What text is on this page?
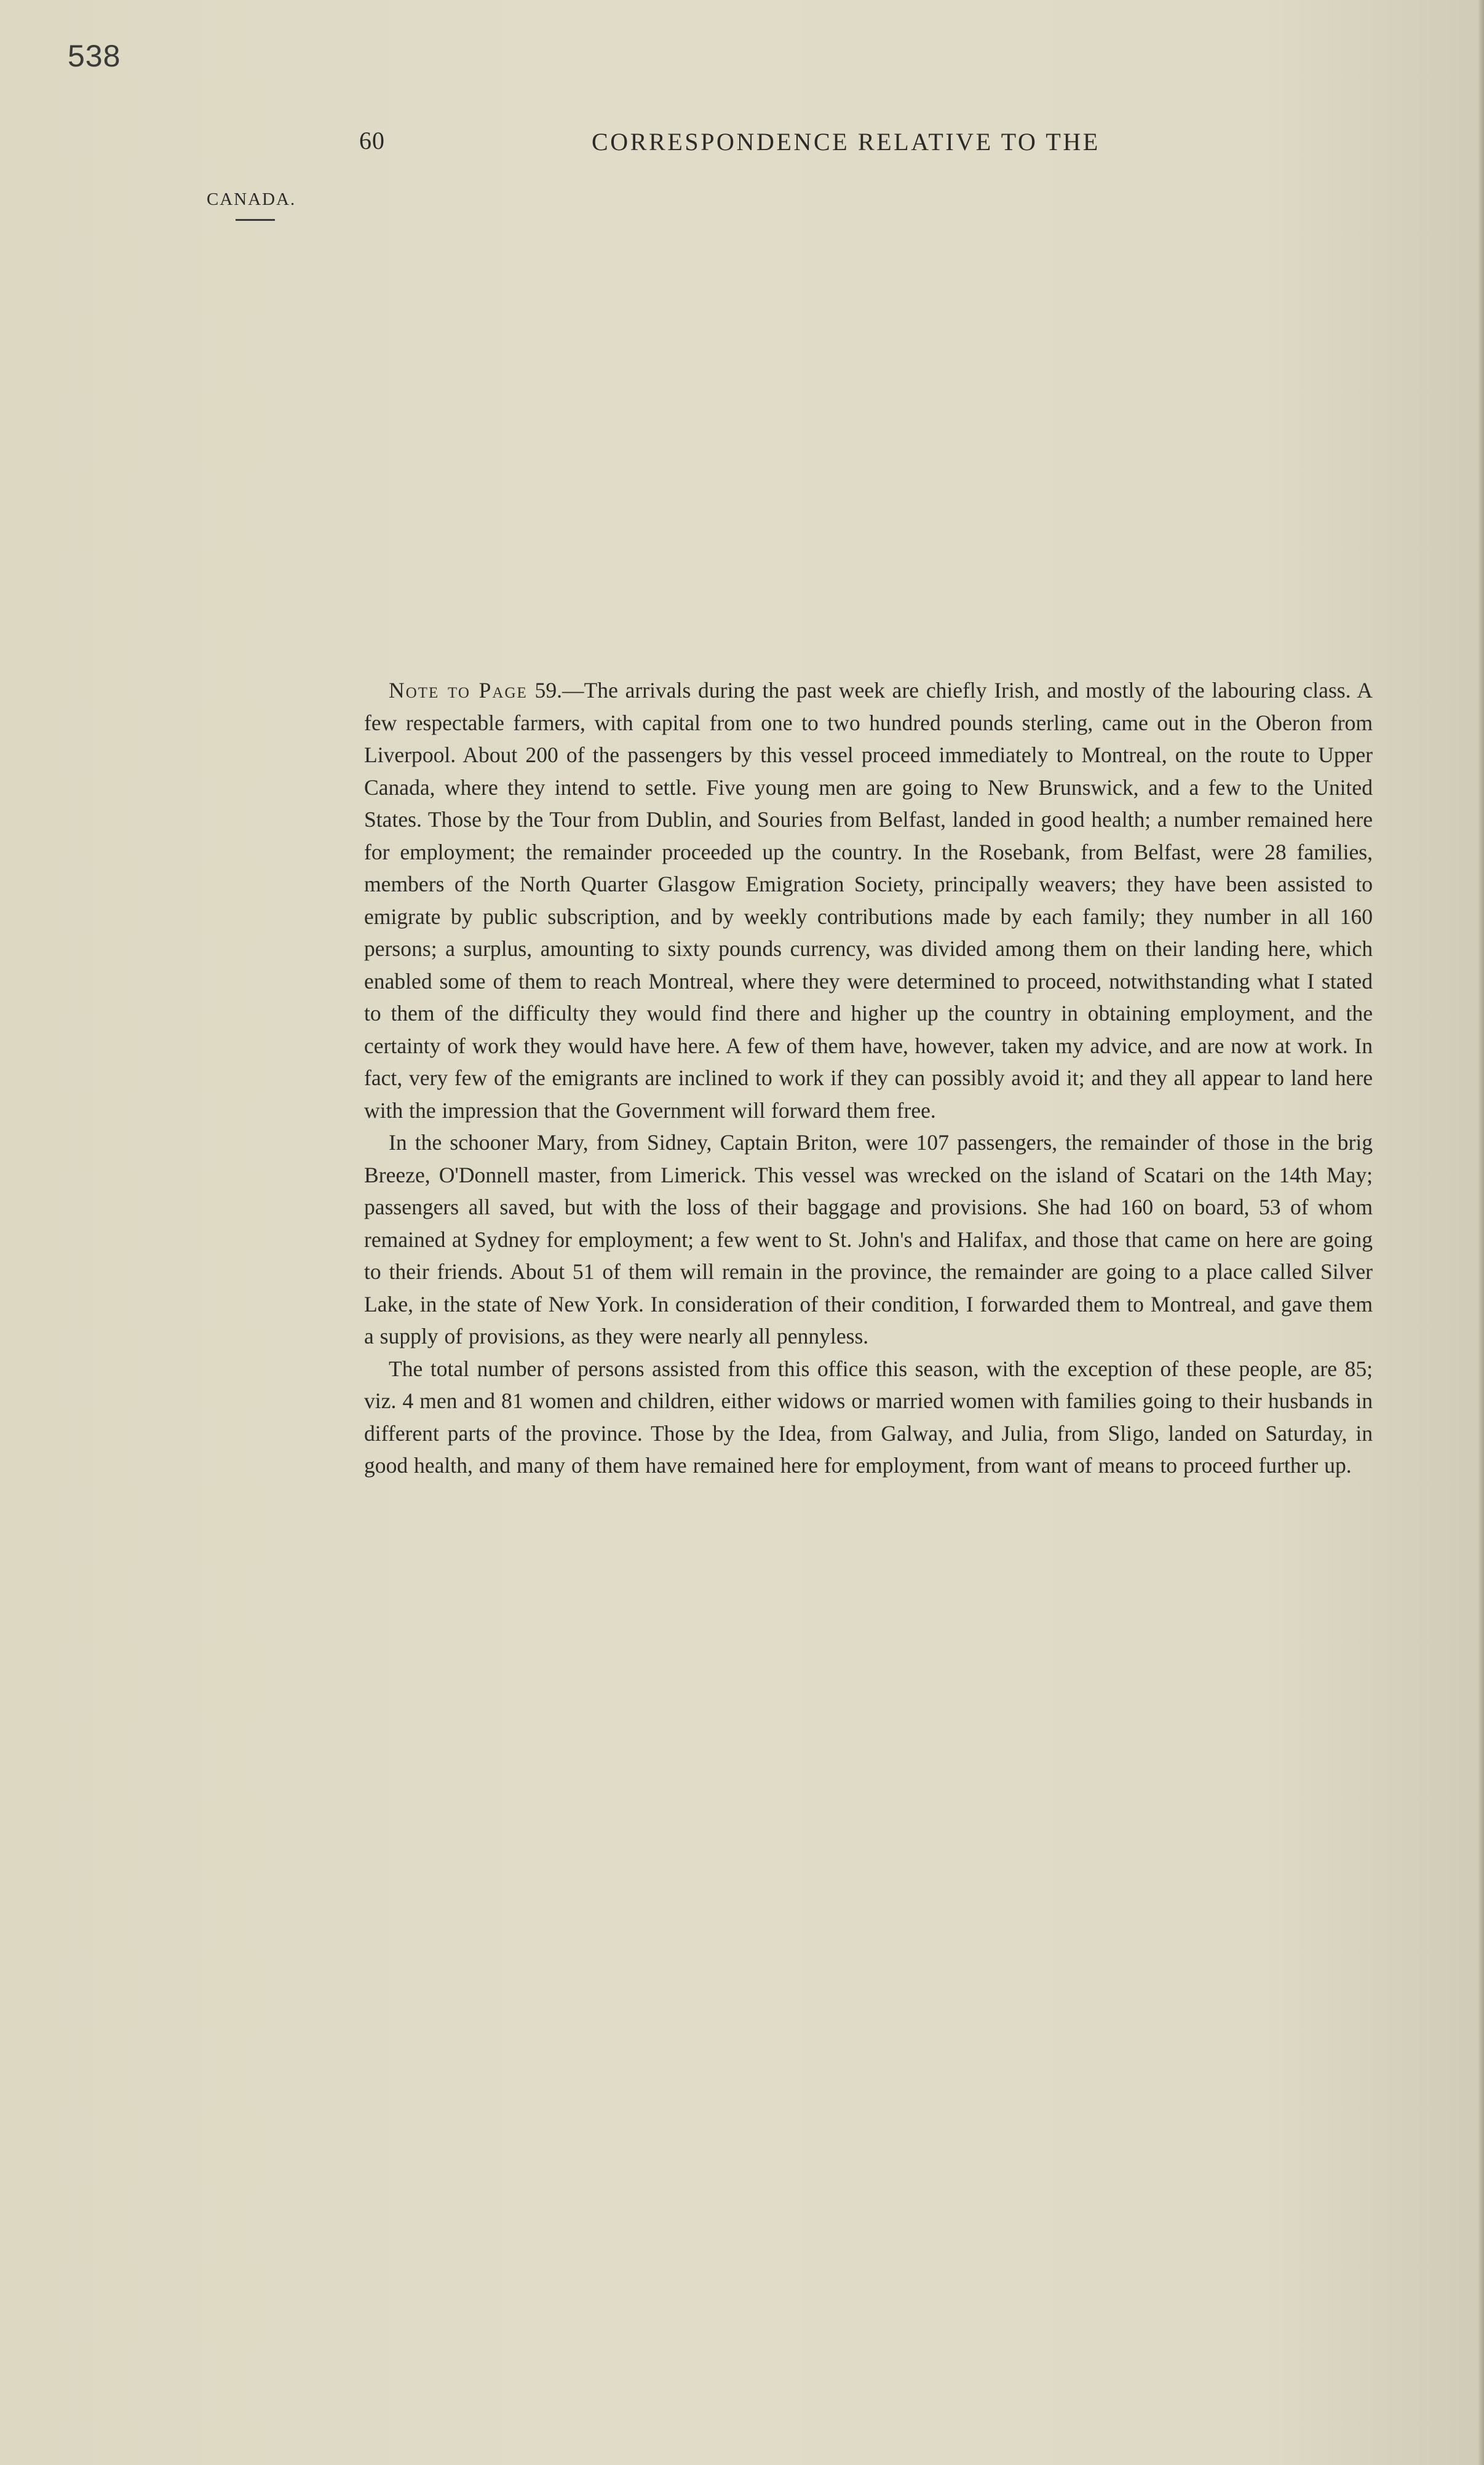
538
60	CORRESPONDENCE RELATIVE TO THE
CANADA.

Note to Page 59.—The arrivals during the past week are chiefly Irish, and mostly of the labouring class. A few respectable farmers, with capital from one to two hundred pounds sterling, came out in the Oberon from Liverpool. About 200 of the passengers by this vessel proceed immediately to Montreal, on the route to Upper Canada, where they intend to settle. Five young men are going to New Brunswick, and a few to the United States. Those by the Tour from Dublin, and Souries from Belfast, landed in good health; a number remained here for employment; the remainder proceeded up the country. In the Rosebank, from Belfast, were 28 families, members of the North Quarter Glasgow Emigration Society, principally weavers; they have been assisted to emigrate by public subscription, and by weekly contributions made by each family; they number in all 160 persons; a surplus, amounting to sixty pounds currency, was divided among them on their landing here, which enabled some of them to reach Montreal, where they were determined to proceed, notwithstanding what I stated to them of the difficulty they would find there and higher up the country in obtaining employment, and the certainty of work they would have here. A few of them have, however, taken my advice, and are now at work. In fact, very few of the emigrants are inclined to work if they can possibly avoid it; and they all appear to land here with the impression that the Government will forward them free.

In the schooner Mary, from Sidney, Captain Briton, were 107 passengers, the remainder of those in the brig Breeze, O'Donnell master, from Limerick. This vessel was wrecked on the island of Scatari on the 14th May; passengers all saved, but with the loss of their baggage and provisions. She had 160 on board, 53 of whom remained at Sydney for employment; a few went to St. John's and Halifax, and those that came on here are going to their friends. About 51 of them will remain in the province, the remainder are going to a place called Silver Lake, in the state of New York. In consideration of their condition, I forwarded them to Montreal, and gave them a supply of provisions, as they were nearly all pennyless.

The total number of persons assisted from this office this season, with the exception of these people, are 85; viz. 4 men and 81 women and children, either widows or married women with families going to their husbands in different parts of the province. Those by the Idea, from Galway, and Julia, from Sligo, landed on Saturday, in good health, and many of them have remained here for employment, from want of means to proceed further up.
